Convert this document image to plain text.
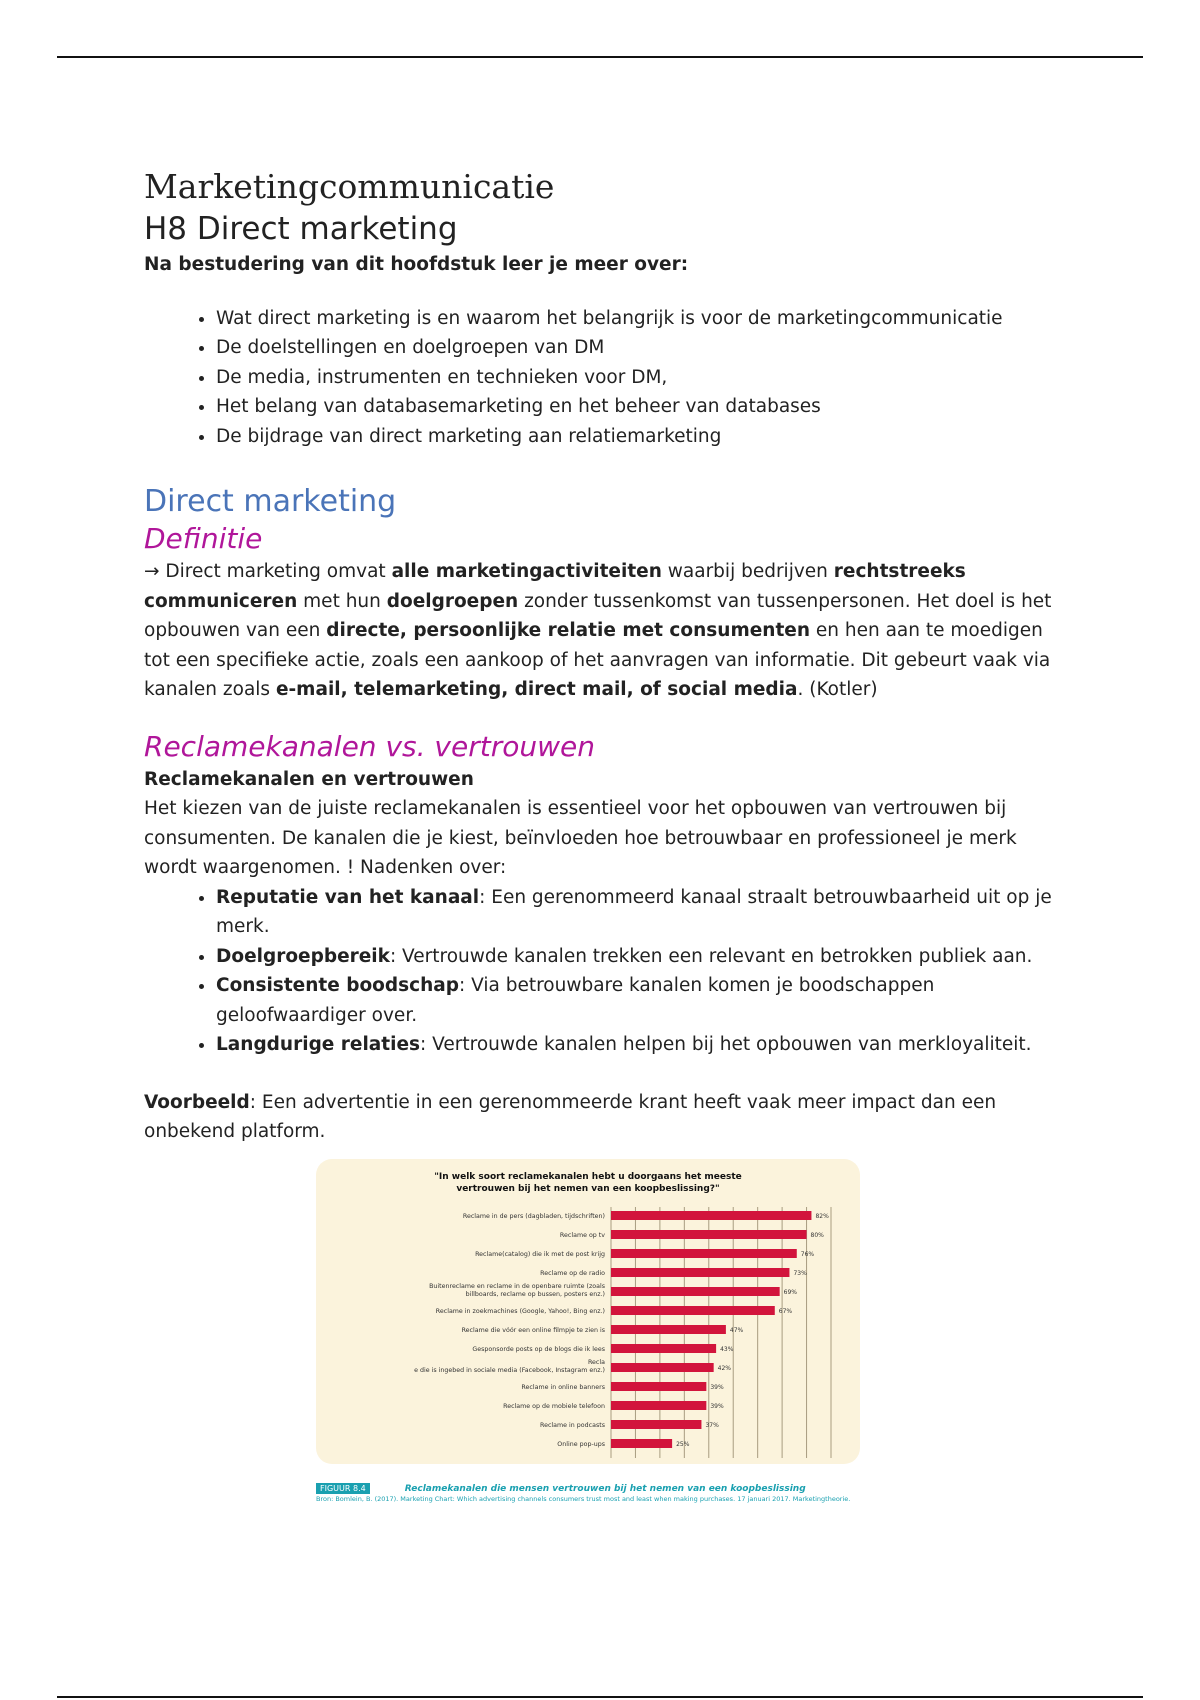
Marketingcommunicatie
H8 Direct marketing

Na bestudering van dit hoofdstuk leer je meer over:

• Wat direct marketing is en waarom het belangrijk is voor de marketingcommunicatie
• De doelstellingen en doelgroepen van DM
• De media, instrumenten en technieken voor DM,
• Het belang van databasemarketing en het beheer van databases
• De bijdrage van direct marketing aan relatiemarketing
Direct marketing
Definitie

→ Direct marketing omvat alle marketingactiviteiten waarbij bedrijven rechtstreeks communiceren met hun doelgroepen zonder tussenkomst van tussenpersonen. Het doel is het opbouwen van een directe, persoonlijke relatie met consumenten en hen aan te moedigen tot een specifieke actie, zoals een aankoop of het aanvragen van informatie. Dit gebeurt vaak via kanalen zoals e-mail, telemarketing, direct mail, of social media. (Kotler)

Reclamekanalen vs. vertrouwen

Reclamekanalen en vertrouwen

Het kiezen van de juiste reclamekanalen is essentieel voor het opbouwen van vertrouwen bij consumenten. De kanalen die je kiest, beïnvloeden hoe betrouwbaar en professioneel je merk wordt waargenomen. ! Nadenken over:

• Reputatie van het kanaal: Een gerenommeerd kanaal straalt betrouwbaarheid uit op je merk.
• Doelgroepbereik: Vertrouwde kanalen trekken een relevant en betrokken publiek aan.
• Consistente boodschap: Via betrouwbare kanalen komen je boodschappen geloofwaardiger over.
• Langdurige relaties: Vertrouwde kanalen helpen bij het opbouwen van merkloyaliteit.

Voorbeeld: Een advertentie in een gerenommeerde krant heeft vaak meer impact dan een onbekend platform.

"In welk soort reclamekanalen hebt u doorgaans het meeste
vertrouwen bij het nemen van een koopbeslissing?"
82%
Reclame in de pers (dagbladen, tijdschriften)
80%
Reclame op tv
76%
Reclame(catalog) die ik met de post krijg
73%
Reclame op de radio
69%
Buitenreclame en reclame in de openbare ruimte (zoals
billboards, reclame op bussen, posters enz.)
67%
Reclame in zoekmachines (Google, Yahoo!, Bing enz.)
47%
Reclame die vóór een online filmpje te zien is
43%
Gesponsorde posts op de blogs die ik lees
42%
Recla
e die is ingebed in sociale media (Facebook, Instagram enz.)
39%
Reclame in online banners
39%
Reclame op de mobiele telefoon
37%
Reclame in podcasts
25%
Online pop-ups
FIGUUR 8.4	Reclamekanalen die mensen vertrouwen bij het nemen van een koopbeslissing
Bron: Bomlein, B. (2017). Marketing Chart: Which advertising channels consumers trust most and least when making purchases. 17 januari 2017. Marketingtheorie.
